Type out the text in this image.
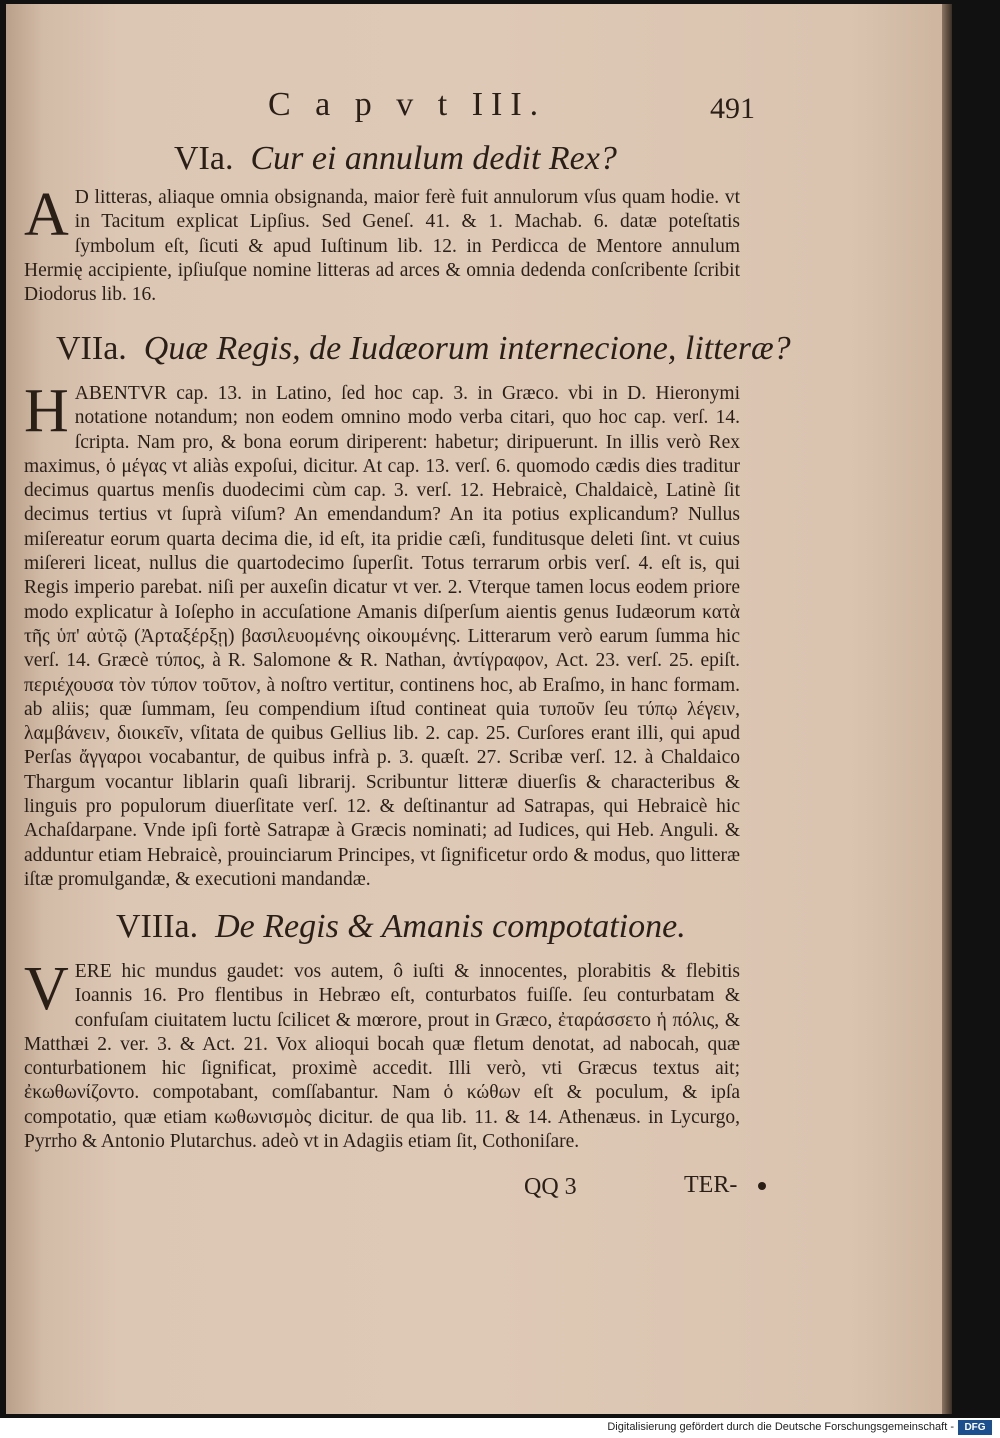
C a p v t III.	491
VIa. Cur ei annulum dedit Rex?
A D litteras, aliaque omnia obsignanda, maior ferè fuit annulorum vſus quam hodie. vt in Tacitum explicat Lipſius. Sed Geneſ. 41. & 1. Machab. 6. datæ poteſtatis ſymbolum eſt, ſicuti & apud Iuſtinum lib. 12. in Perdicca de Mentore annulum Hermię accipiente, ipſiuſque nomine litteras ad arces & omnia dedenda conſcribente ſcribit Diodorus lib. 16.
VIIa. Quæ Regis, de Iudæorum internecione, litteræ?
HABENTVR cap. 13. in Latino, ſed hoc cap. 3. in Græco. vbi in D. Hieronymi notatione notandum; non eodem omnino modo verba citari, quo hoc cap. verſ. 14. ſcripta. Nam pro, & bona eorum diriperent: habetur; diripuerunt. In illis verò Rex maximus, ὁ μέγας vt aliàs expoſui, dicitur. At cap. 13. verſ. 6. quomodo cædis dies traditur decimus quartus menſis duodecimi cùm cap. 3. verſ. 12. Hebraicè, Chaldaicè, Latinè ſit decimus tertius vt ſuprà viſum? An emendandum? An ita potius explicandum? Nullus miſereatur eorum quarta decima die, id eſt, ita pridie cæſi, funditusque deleti ſint. vt cuius miſereri liceat, nullus die quartodecimo ſuperſit. Totus terrarum orbis verſ. 4. eſt is, qui Regis imperio parebat. niſi per auxeſin dicatur vt ver. 2. Vterque tamen locus eodem priore modo explicatur à Ioſepho in accuſatione Amanis diſperſum aientis genus Iudæorum κατὰ τῆς ὑπ' αὐτῷ (Ἀρταξέρξῃ) βασιλευομένης οἰκουμένης. Litterarum verò earum ſumma hic verſ. 14. Græcè τύπος, à R. Salomone & R. Nathan, ἀντίγραφον, Act. 23. verſ. 25. epiſt. περιέχουσα τὸν τύπον τοῦτον, à noſtro vertitur, continens hoc, ab Eraſmo, in hanc formam. ab aliis; quæ ſummam, ſeu compendium iſtud contineat quia τυποῦν ſeu τύπῳ λέγειν, λαμβάνειν, διοικεῖν, vſitata de quibus Gellius lib. 2. cap. 25. Curſores erant illi, qui apud Perſas ἄγγαροι vocabantur, de quibus infrà p. 3. quæſt. 27. Scribæ verſ. 12. à Chaldaico Thargum vocantur liblarin quaſi librarij. Scribuntur litteræ diuerſis & characteribus & linguis pro populorum diuerſitate verſ. 12. & deſtinantur ad Satrapas, qui Hebraicè hic Achaſdarpane. Vnde ipſi fortè Satrapæ à Græcis nominati; ad Iudices, qui Heb. Anguli. & adduntur etiam Hebraicè, prouinciarum Principes, vt ſignificetur ordo & modus, quo litteræ iſtæ promulgandæ, & executioni mandandæ.
VIIIa. De Regis & Amanis compotatione.
VERE hic mundus gaudet: vos autem, ô iuſti & innocentes, plorabitis & flebitis Ioannis 16. Pro flentibus in Hebræo eſt, conturbatos fuiſſe. ſeu conturbatam & confuſam ciuitatem luctu ſcilicet & mœrore, prout in Græco, ἐταράσσετο ἡ πόλις, & Matthæi 2. ver. 3. & Act. 21. Vox alioqui bocah quæ fletum denotat, ad nabocah, quæ conturbationem hic ſignificat, proximè accedit. Illi verò, vti Græcus textus ait; ἐκωθωνίζοντο. compotabant, comſſabantur. Nam ὁ κώθων eſt & poculum, & ipſa compotatio, quæ etiam κωθωνισμὸς dicitur. de qua lib. 11. & 14. Athenæus. in Lycurgo, Pyrrho & Antonio Plutarchus. adeò vt in Adagiis etiam ſit, Cothoniſare.
QQ 3	TER-
Digitalisierung gefördert durch die Deutsche Forschungsgemeinschaft -	DFG
